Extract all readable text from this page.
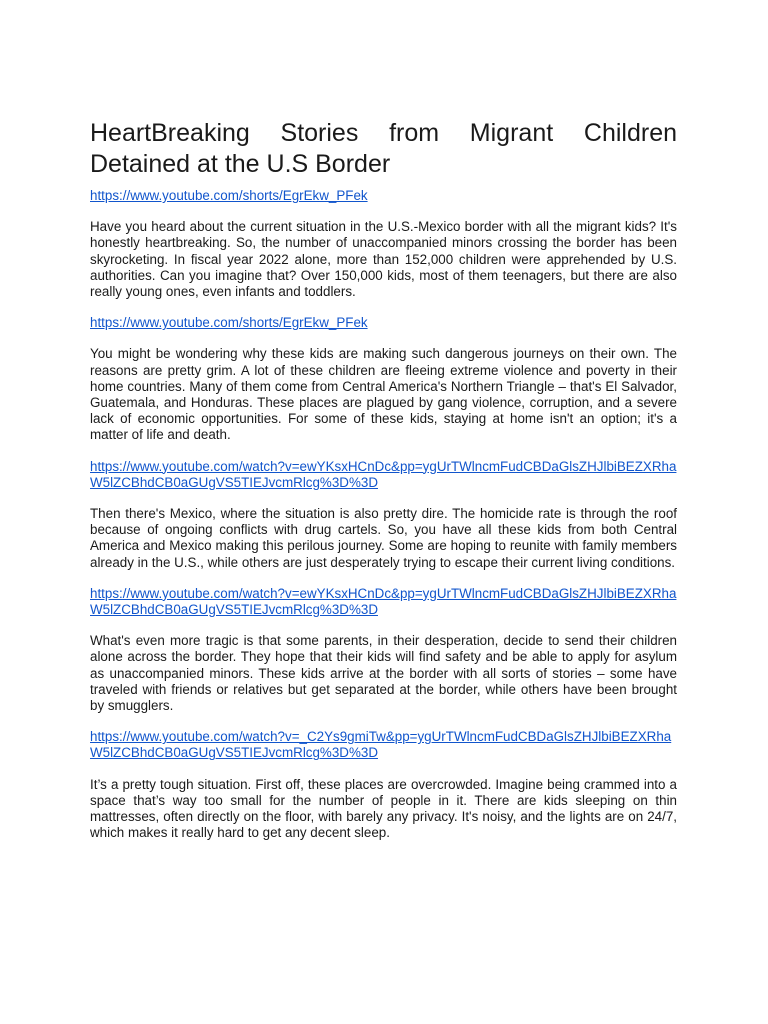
HeartBreaking Stories from Migrant Children
Detained at the U.S Border
https://www.youtube.com/shorts/EgrEkw_PFek

Have you heard about the current situation in the U.S.-Mexico border with all the migrant kids? It's honestly heartbreaking. So, the number of unaccompanied minors crossing the border has been skyrocketing. In fiscal year 2022 alone, more than 152,000 children were apprehended by U.S. authorities. Can you imagine that? Over 150,000 kids, most of them teenagers, but there are also really young ones, even infants and toddlers.

https://www.youtube.com/shorts/EgrEkw_PFek

You might be wondering why these kids are making such dangerous journeys on their own. The reasons are pretty grim. A lot of these children are fleeing extreme violence and poverty in their home countries. Many of them come from Central America's Northern Triangle – that's El Salvador, Guatemala, and Honduras. These places are plagued by gang violence, corruption, and a severe lack of economic opportunities. For some of these kids, staying at home isn't an option; it's a matter of life and death.

https://www.youtube.com/watch?v=ewYKsxHCnDc&pp=ygUrTWlncmFudCBDaGlsZHJlbiBEZXRhaW5lZCBhdCB0aGUgVS5TIEJvcmRlcg%3D%3D

Then there's Mexico, where the situation is also pretty dire. The homicide rate is through the roof because of ongoing conflicts with drug cartels. So, you have all these kids from both Central America and Mexico making this perilous journey. Some are hoping to reunite with family members already in the U.S., while others are just desperately trying to escape their current living conditions.

https://www.youtube.com/watch?v=ewYKsxHCnDc&pp=ygUrTWlncmFudCBDaGlsZHJlbiBEZXRhaW5lZCBhdCB0aGUgVS5TIEJvcmRlcg%3D%3D

What's even more tragic is that some parents, in their desperation, decide to send their children alone across the border. They hope that their kids will find safety and be able to apply for asylum as unaccompanied minors. These kids arrive at the border with all sorts of stories – some have traveled with friends or relatives but get separated at the border, while others have been brought by smugglers.

https://www.youtube.com/watch?v=_C2Ys9gmiTw&pp=ygUrTWlncmFudCBDaGlsZHJlbiBEZXRhaW5lZCBhdCB0aGUgVS5TIEJvcmRlcg%3D%3D

It’s a pretty tough situation. First off, these places are overcrowded. Imagine being crammed into a space that’s way too small for the number of people in it. There are kids sleeping on thin mattresses, often directly on the floor, with barely any privacy. It's noisy, and the lights are on 24/7, which makes it really hard to get any decent sleep.
